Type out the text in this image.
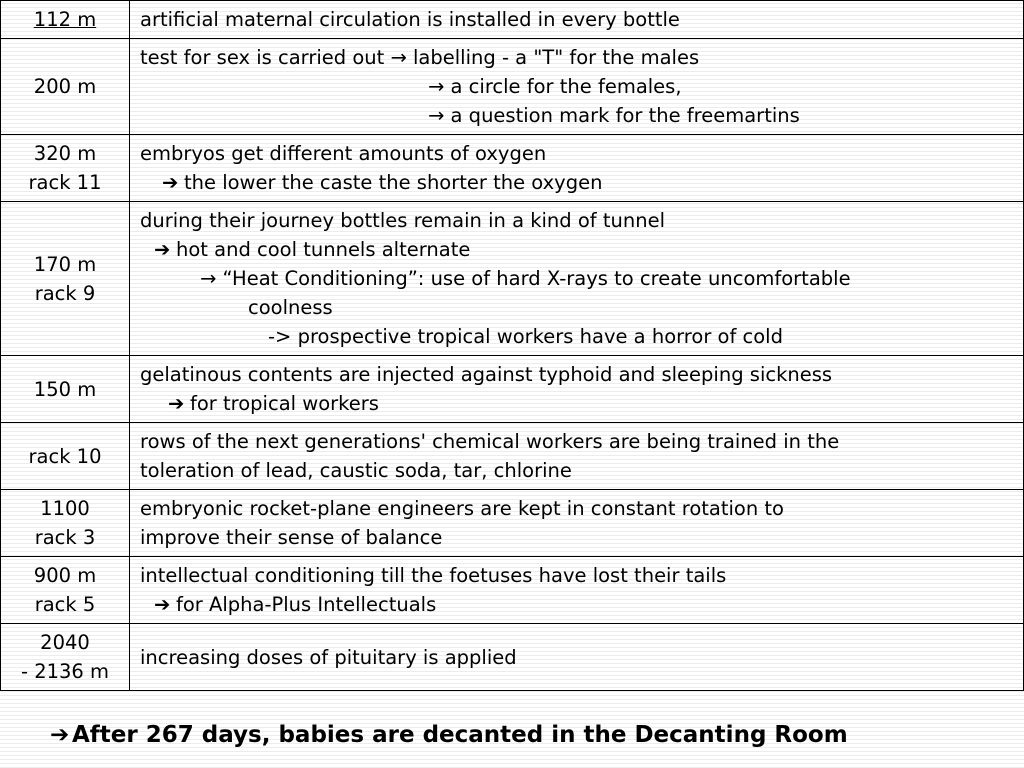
112 m	artificial maternal circulation is installed in every bottle

200 m	test for sex is carried out → labelling - a "T" for the males
→ a circle for the females,
→ a question mark for the freemartins

320 m
rack 11	embryos get different amounts of oxygen
➔ the lower the caste the shorter the oxygen

170 m
rack 9	during their journey bottles remain in a kind of tunnel
➔ hot and cool tunnels alternate
→ “Heat Conditioning”: use of hard X-rays to create uncomfortable
coolness
-> prospective tropical workers have a horror of cold

150 m	gelatinous contents are injected against typhoid and sleeping sickness
➔ for tropical workers

rack 10	rows of the next generations' chemical workers are being trained in the
toleration of lead, caustic soda, tar, chlorine

1100
rack 3	embryonic rocket-plane engineers are kept in constant rotation to
improve their sense of balance

900 m
rack 5	intellectual conditioning till the foetuses have lost their tails
➔ for Alpha-Plus Intellectuals

2040
- 2136 m	increasing doses of pituitary is applied
➔ After 267 days, babies are decanted in the Decanting Room
